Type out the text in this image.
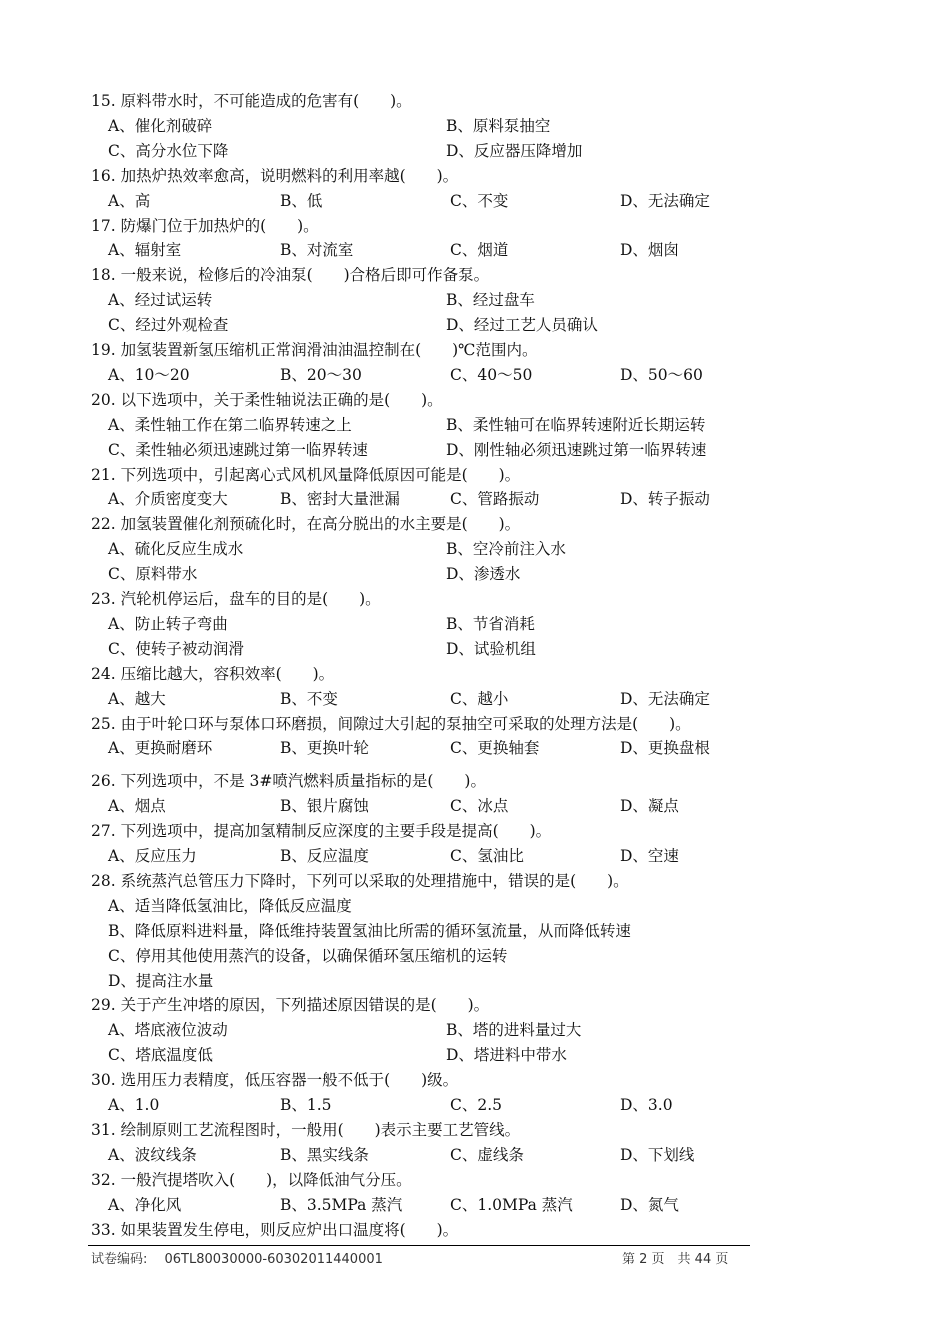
15. 原料带水时，不可能造成的危害有(　　)。
A、催化剂破碎	B、原料泵抽空
C、高分水位下降	D、反应器压降增加
16. 加热炉热效率愈高，说明燃料的利用率越(　　)。
A、高	B、低	C、不变	D、无法确定
17. 防爆门位于加热炉的(　　)。
A、辐射室	B、对流室	C、烟道	D、烟囱
18. 一般来说，检修后的冷油泵(　　)合格后即可作备泵。
A、经过试运转	B、经过盘车
C、经过外观检查	D、经过工艺人员确认
19. 加氢装置新氢压缩机正常润滑油油温控制在(　　)℃范围内。
A、10～20	B、20～30	C、40～50	D、50～60
20. 以下选项中，关于柔性轴说法正确的是(　　)。
A、柔性轴工作在第二临界转速之上	B、柔性轴可在临界转速附近长期运转
C、柔性轴必须迅速跳过第一临界转速	D、刚性轴必须迅速跳过第一临界转速
21. 下列选项中，引起离心式风机风量降低原因可能是(　　)。
A、介质密度变大	B、密封大量泄漏	C、管路振动	D、转子振动
22. 加氢装置催化剂预硫化时，在高分脱出的水主要是(　　)。
A、硫化反应生成水	B、空冷前注入水
C、原料带水	D、渗透水
23. 汽轮机停运后，盘车的目的是(　　)。
A、防止转子弯曲	B、节省消耗
C、使转子被动润滑	D、试验机组
24. 压缩比越大，容积效率(　　)。
A、越大	B、不变	C、越小	D、无法确定
25. 由于叶轮口环与泵体口环磨损，间隙过大引起的泵抽空可采取的处理方法是(　　)。
A、更换耐磨环	B、更换叶轮	C、更换轴套	D、更换盘根
26. 下列选项中，不是 3#喷汽燃料质量指标的是(　　)。
A、烟点	B、银片腐蚀	C、冰点	D、凝点
27. 下列选项中，提高加氢精制反应深度的主要手段是提高(　　)。
A、反应压力	B、反应温度	C、氢油比	D、空速
28. 系统蒸汽总管压力下降时，下列可以采取的处理措施中，错误的是(　　)。
A、适当降低氢油比，降低反应温度
B、降低原料进料量，降低维持装置氢油比所需的循环氢流量，从而降低转速
C、停用其他使用蒸汽的设备，以确保循环氢压缩机的运转
D、提高注水量
29. 关于产生冲塔的原因，下列描述原因错误的是(　　)。
A、塔底液位波动	B、塔的进料量过大
C、塔底温度低	D、塔进料中带水
30. 选用压力表精度，低压容器一般不低于(　　)级。
A、1.0	B、1.5	C、2.5	D、3.0
31. 绘制原则工艺流程图时，一般用(　　)表示主要工艺管线。
A、波纹线条	B、黑实线条	C、虚线条	D、下划线
32. 一般汽提塔吹入(　　)，以降低油气分压。
A、净化风	B、3.5MPa 蒸汽	C、1.0MPa 蒸汽	D、氮气
33. 如果装置发生停电，则反应炉出口温度将(　　)。
试卷编码:　 06TL80030000-60302011440001	第 2 页　共 44 页
